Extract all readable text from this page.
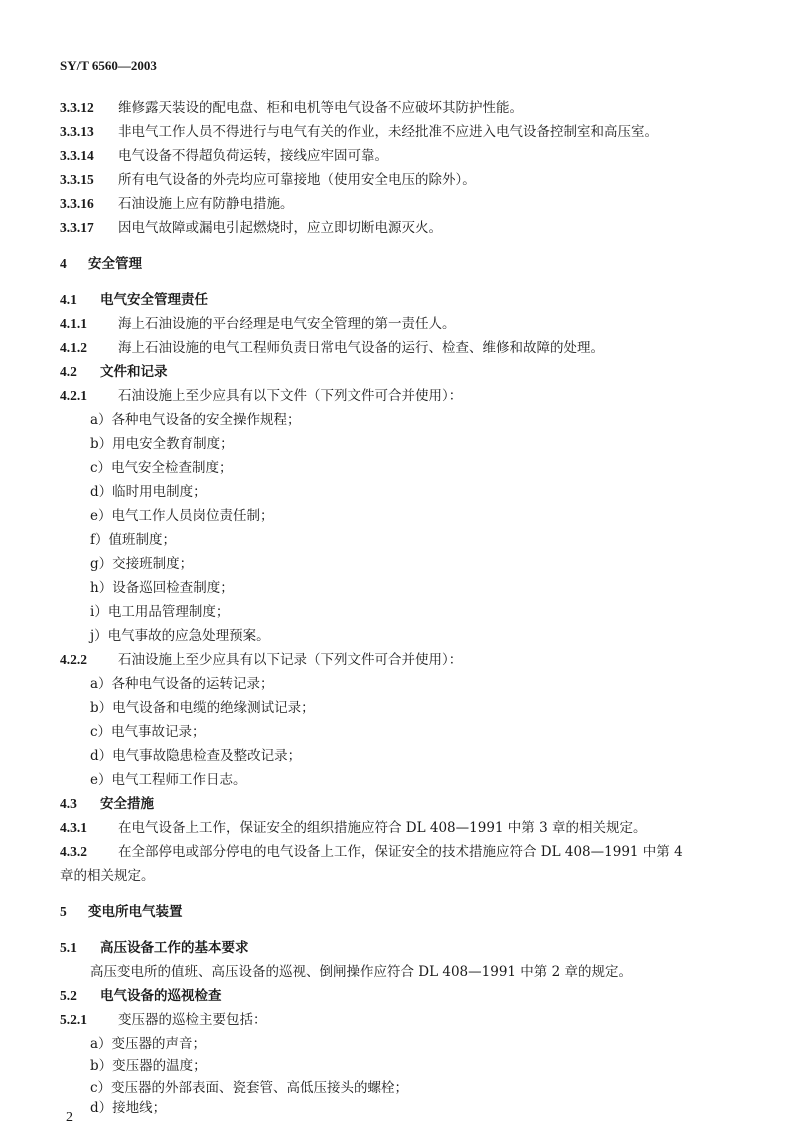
SY/T 6560—2003
3.3.12 维修露天装设的配电盘、柜和电机等电气设备不应破坏其防护性能。
3.3.13 非电气工作人员不得进行与电气有关的作业，未经批准不应进入电气设备控制室和高压室。
3.3.14 电气设备不得超负荷运转，接线应牢固可靠。
3.3.15 所有电气设备的外壳均应可靠接地（使用安全电压的除外）。
3.3.16 石油设施上应有防静电措施。
3.3.17 因电气故障或漏电引起燃烧时，应立即切断电源灭火。
4 安全管理
4.1 电气安全管理责任
4.1.1 海上石油设施的平台经理是电气安全管理的第一责任人。
4.1.2 海上石油设施的电气工程师负责日常电气设备的运行、检查、维修和故障的处理。
4.2 文件和记录
4.2.1 石油设施上至少应具有以下文件（下列文件可合并使用）：
a）各种电气设备的安全操作规程；
b）用电安全教育制度；
c）电气安全检查制度；
d）临时用电制度；
e）电气工作人员岗位责任制；
f）值班制度；
g）交接班制度；
h）设备巡回检查制度；
i）电工用品管理制度；
j）电气事故的应急处理预案。
4.2.2 石油设施上至少应具有以下记录（下列文件可合并使用）：
a）各种电气设备的运转记录；
b）电气设备和电缆的绝缘测试记录；
c）电气事故记录；
d）电气事故隐患检查及整改记录；
e）电气工程师工作日志。
4.3 安全措施
4.3.1 在电气设备上工作，保证安全的组织措施应符合 DL 408—1991 中第 3 章的相关规定。
4.3.2 在全部停电或部分停电的电气设备上工作，保证安全的技术措施应符合 DL 408—1991 中第 4
章的相关规定。
5 变电所电气装置
5.1 高压设备工作的基本要求
高压变电所的值班、高压设备的巡视、倒闸操作应符合 DL 408—1991 中第 2 章的规定。
5.2 电气设备的巡视检查
5.2.1 变压器的巡检主要包括：
a）变压器的声音；
b）变压器的温度；
c）变压器的外部表面、瓷套管、高低压接头的螺栓；
d）接地线；
2
